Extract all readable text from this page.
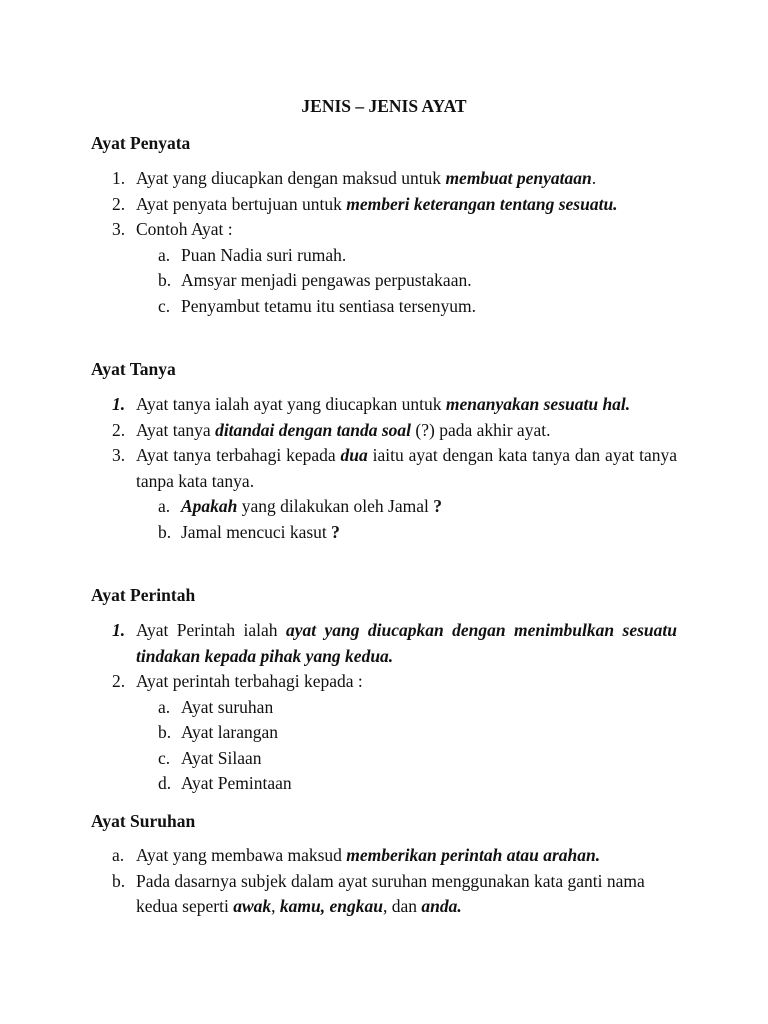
JENIS – JENIS AYAT
Ayat Penyata
1. Ayat yang diucapkan dengan maksud untuk membuat penyataan.
2. Ayat penyata bertujuan untuk memberi keterangan tentang sesuatu.
3. Contoh Ayat :
a. Puan Nadia suri rumah.
b. Amsyar menjadi pengawas perpustakaan.
c. Penyambut tetamu itu sentiasa tersenyum.
Ayat Tanya
1. Ayat tanya ialah ayat yang diucapkan untuk menanyakan sesuatu hal.
2. Ayat tanya ditandai dengan tanda soal (?) pada akhir ayat.
3. Ayat tanya terbahagi kepada dua iaitu ayat dengan kata tanya dan ayat tanya tanpa kata tanya.
a. Apakah yang dilakukan oleh Jamal ?
b. Jamal mencuci kasut ?
Ayat Perintah
1. Ayat Perintah ialah ayat yang diucapkan dengan menimbulkan sesuatu tindakan kepada pihak yang kedua.
2. Ayat perintah terbahagi kepada :
a. Ayat suruhan
b. Ayat larangan
c. Ayat Silaan
d. Ayat Pemintaan
Ayat Suruhan
a. Ayat yang membawa maksud memberikan perintah atau arahan.
b. Pada dasarnya subjek dalam ayat suruhan menggunakan kata ganti nama kedua seperti awak, kamu, engkau, dan anda.
